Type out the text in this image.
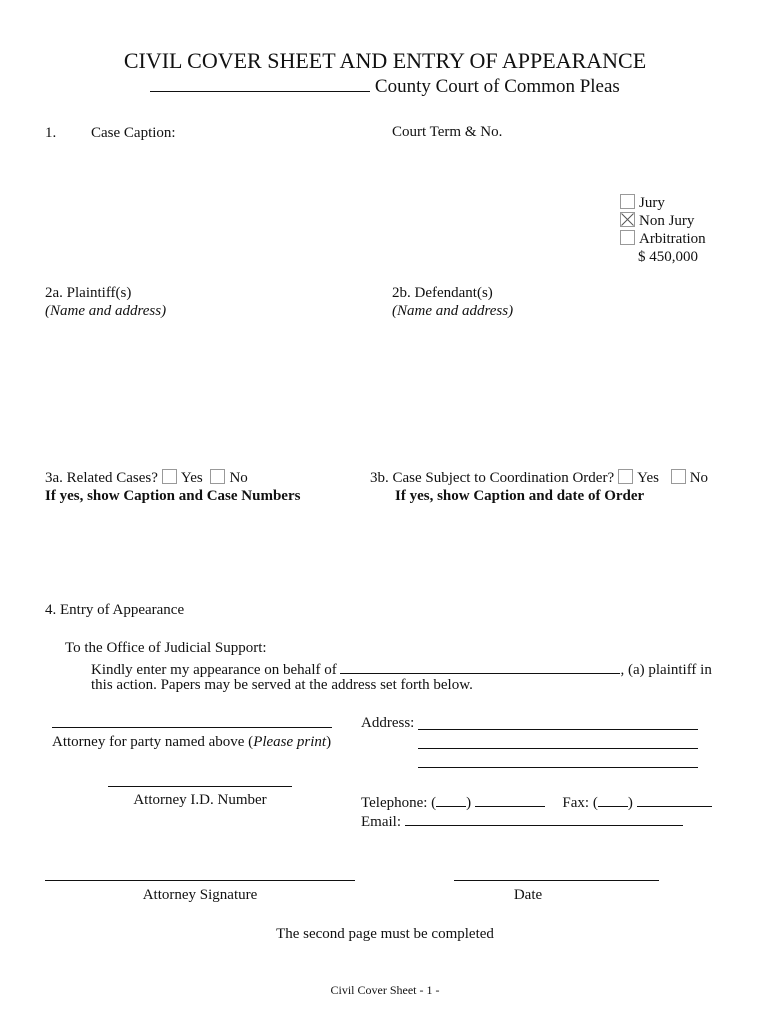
CIVIL COVER SHEET AND ENTRY OF APPEARANCE
County Court of Common Pleas
1. Case Caption:	Court Term & No.
Jury
Non Jury
Arbitration
$ 450,000
2a. Plaintiff(s)
(Name and address)
2b. Defendant(s)
(Name and address)
3a. Related Cases? Yes No
If yes, show Caption and Case Numbers
3b. Case Subject to Coordination Order? Yes No
If yes, show Caption and date of Order
4. Entry of Appearance
To the Office of Judicial Support:
Kindly enter my appearance on behalf of	, (a) plaintiff in
this action. Papers may be served at the address set forth below.
Attorney for party named above (Please print)
Address:
Attorney I.D. Number	Telephone: ( )	Fax: ( )
Email:
Attorney Signature	Date
The second page must be completed
Civil Cover Sheet - 1 -
